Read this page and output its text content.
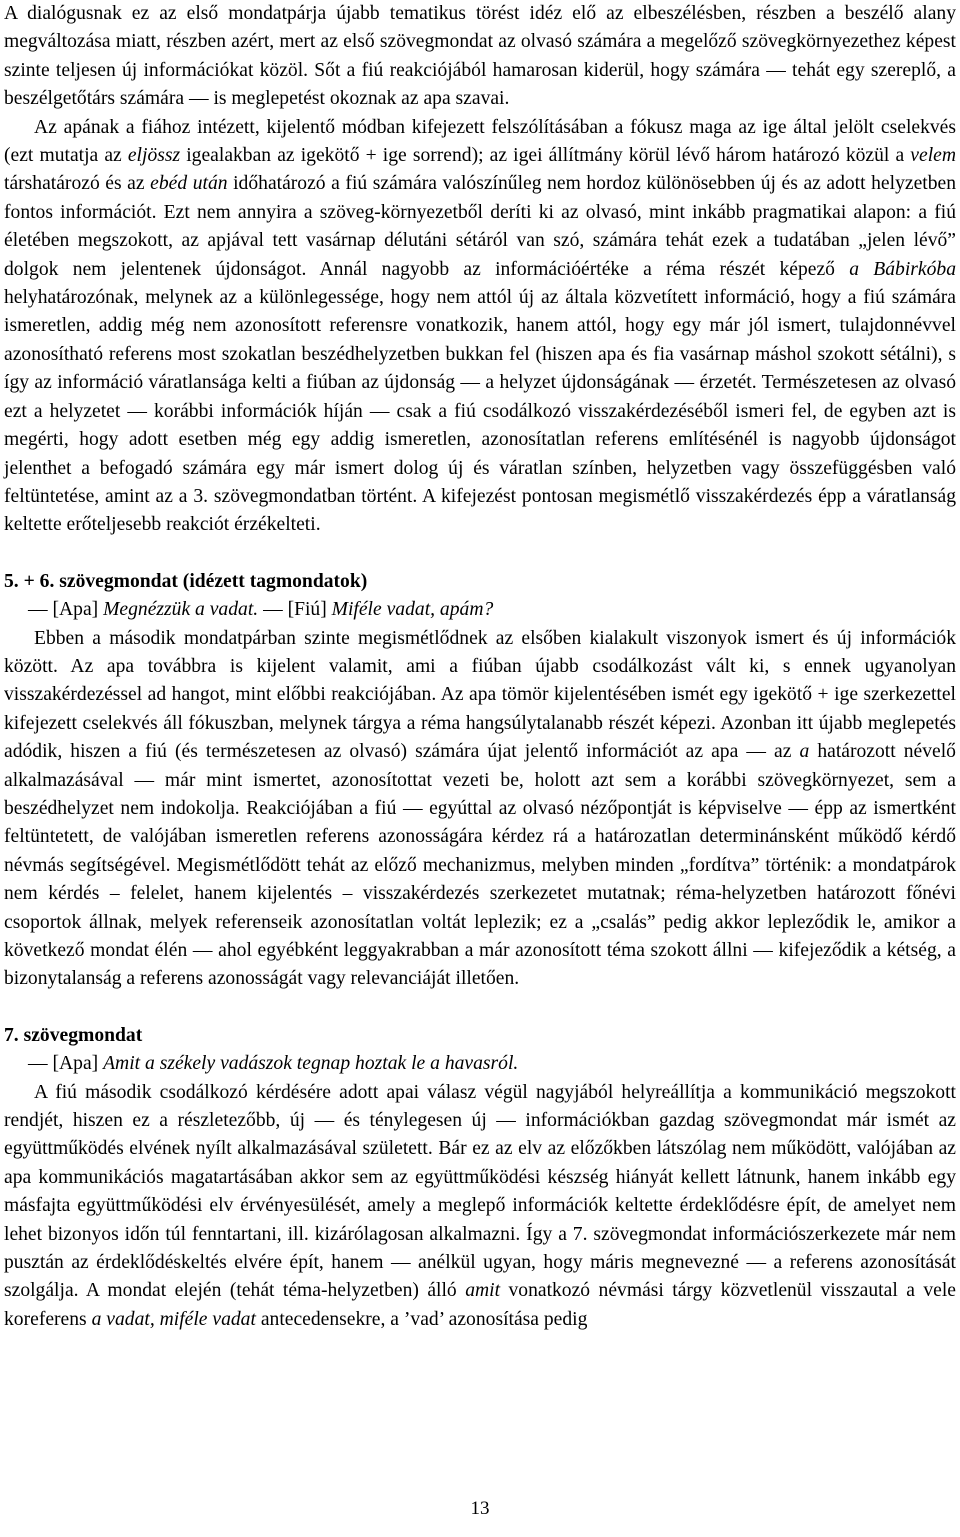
A dialógusnak ez az első mondatpárja újabb tematikus törést idéz elő az elbeszélésben, részben a beszélő alany megváltozása miatt, részben azért, mert az első szövegmondat az olvasó számára a megelőző szövegkörnyezethez képest szinte teljesen új információkat közöl. Sőt a fiú reakciójából hamarosan kiderül, hogy számára — tehát egy szereplő, a beszélgetőtárs számára — is meglepetést okoznak az apa szavai.

Az apának a fiához intézett, kijelentő módban kifejezett felszólításában a fókusz maga az ige által jelölt cselekvés (ezt mutatja az eljössz igealakban az igekötő + ige sorrend); az igei állítmány körül lévő három határozó közül a velem társhatározó és az ebéd után időhatározó a fiú számára valószínűleg nem hordoz különösebben új és az adott helyzetben fontos információt. Ezt nem annyira a szöveg-környezetből deríti ki az olvasó, mint inkább pragmatikai alapon: a fiú életében megszokott, az apjával tett vasárnap délutáni sétáról van szó, számára tehát ezek a tudatában „jelen lévő” dolgok nem jelentenek újdonságot. Annál nagyobb az információértéke a réma részét képező a Bábirkóba helyhatározónak, melynek az a különlegessége, hogy nem attól új az általa közvetített információ, hogy a fiú számára ismeretlen, addig még nem azonosított referensre vonatkozik, hanem attól, hogy egy már jól ismert, tulajdonnévvel azonosítható referens most szokatlan beszédhelyzetben bukkan fel (hiszen apa és fia vasárnap máshol szokott sétálni), s így az információ váratlansága kelti a fiúban az újdonság — a helyzet újdonságának — érzetét. Természetesen az olvasó ezt a helyzetet — korábbi információk híján — csak a fiú csodálkozó visszakérdezéséből ismeri fel, de egyben azt is megérti, hogy adott esetben még egy addig ismeretlen, azonosítatlan referens említésénél is nagyobb újdonságot jelenthet a befogadó számára egy már ismert dolog új és váratlan színben, helyzetben vagy összefüggésben való feltüntetése, amint az a 3. szövegmondatban történt. A kifejezést pontosan megismétlő visszakérdezés épp a váratlanság keltette erőteljesebb reakciót érzékelteti.

5. + 6. szövegmondat (idézett tagmondatok)

— [Apa] Megnézzük a vadat. — [Fiú] Miféle vadat, apám?

Ebben a második mondatpárban szinte megismétlődnek az elsőben kialakult viszonyok ismert és új információk között. Az apa továbbra is kijelent valamit, ami a fiúban újabb csodálkozást vált ki, s ennek ugyanolyan visszakérdezéssel ad hangot, mint előbbi reakciójában. Az apa tömör kijelentésében ismét egy igekötő + ige szerkezettel kifejezett cselekvés áll fókuszban, melynek tárgya a réma hangsúlytalanabb részét képezi. Azonban itt újabb meglepetés adódik, hiszen a fiú (és természetesen az olvasó) számára újat jelentő információt az apa — az a határozott névelő alkalmazásával — már mint ismertet, azonosítottat vezeti be, holott azt sem a korábbi szövegkörnyezet, sem a beszédhelyzet nem indokolja. Reakciójában a fiú — egyúttal az olvasó nézőpontját is képviselve — épp az ismertként feltüntetett, de valójában ismeretlen referens azonosságára kérdez rá a határozatlan determinánsként működő kérdő névmás segítségével. Megismétlődött tehát az előző mechanizmus, melyben minden „fordítva” történik: a mondatpárok nem kérdés – felelet, hanem kijelentés – visszakérdezés szerkezetet mutatnak; réma-helyzetben határozott főnévi csoportok állnak, melyek referenseik azonosítatlan voltát leplezik; ez a „csalás” pedig akkor lepleződik le, amikor a következő mondat élén — ahol egyébként leggyakrabban a már azonosított téma szokott állni — kifejeződik a kétség, a bizonytalanság a referens azonosságát vagy relevanciáját illetően.

7. szövegmondat

— [Apa] Amit a székely vadászok tegnap hoztak le a havasról.

A fiú második csodálkozó kérdésére adott apai válasz végül nagyjából helyreállítja a kommunikáció megszokott rendjét, hiszen ez a részletezőbb, új — és ténylegesen új — információkban gazdag szövegmondat már ismét az együttműködés elvének nyílt alkalmazásával született. Bár ez az elv az előzőkben látszólag nem működött, valójában az apa kommunikációs magatartásában akkor sem az együttműködési készség hiányát kellett látnunk, hanem inkább egy másfajta együttműködési elv érvényesülését, amely a meglepő információk keltette érdeklődésre épít, de amelyet nem lehet bizonyos időn túl fenntartani, ill. kizárólagosan alkalmazni. Így a 7. szövegmondat információszerkezete már nem pusztán az érdeklődéskeltés elvére épít, hanem — anélkül ugyan, hogy máris megnevezné — a referens azonosítását szolgálja. A mondat elején (tehát téma-helyzetben) álló amit vonatkozó névmási tárgy közvetlenül visszautal a vele koreferens a vadat, miféle vadat antecedensekre, a ’vad’ azonosítása pedig

13
